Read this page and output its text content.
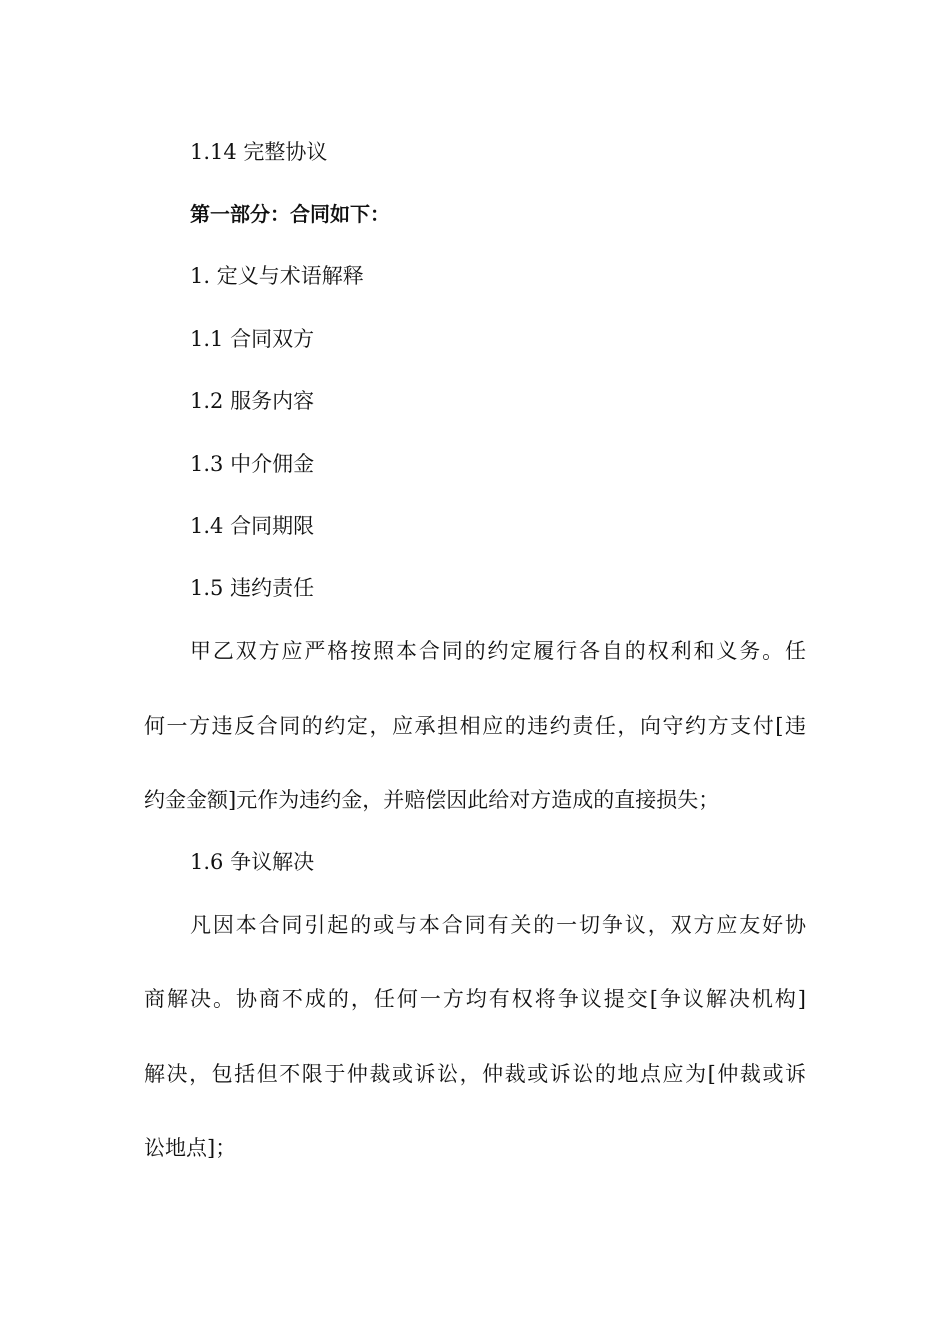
1.14 完整协议
第一部分：合同如下：
1. 定义与术语解释
1.1 合同双方
1.2 服务内容
1.3 中介佣金
1.4 合同期限
1.5 违约责任
甲乙双方应严格按照本合同的约定履行各自的权利和义务。任
何一方违反合同的约定，应承担相应的违约责任，向守约方支付[违
约金金额]元作为违约金，并赔偿因此给对方造成的直接损失；
1.6 争议解决
凡因本合同引起的或与本合同有关的一切争议，双方应友好协
商解决。协商不成的，任何一方均有权将争议提交[争议解决机构]
解决，包括但不限于仲裁或诉讼，仲裁或诉讼的地点应为[仲裁或诉
讼地点]；
